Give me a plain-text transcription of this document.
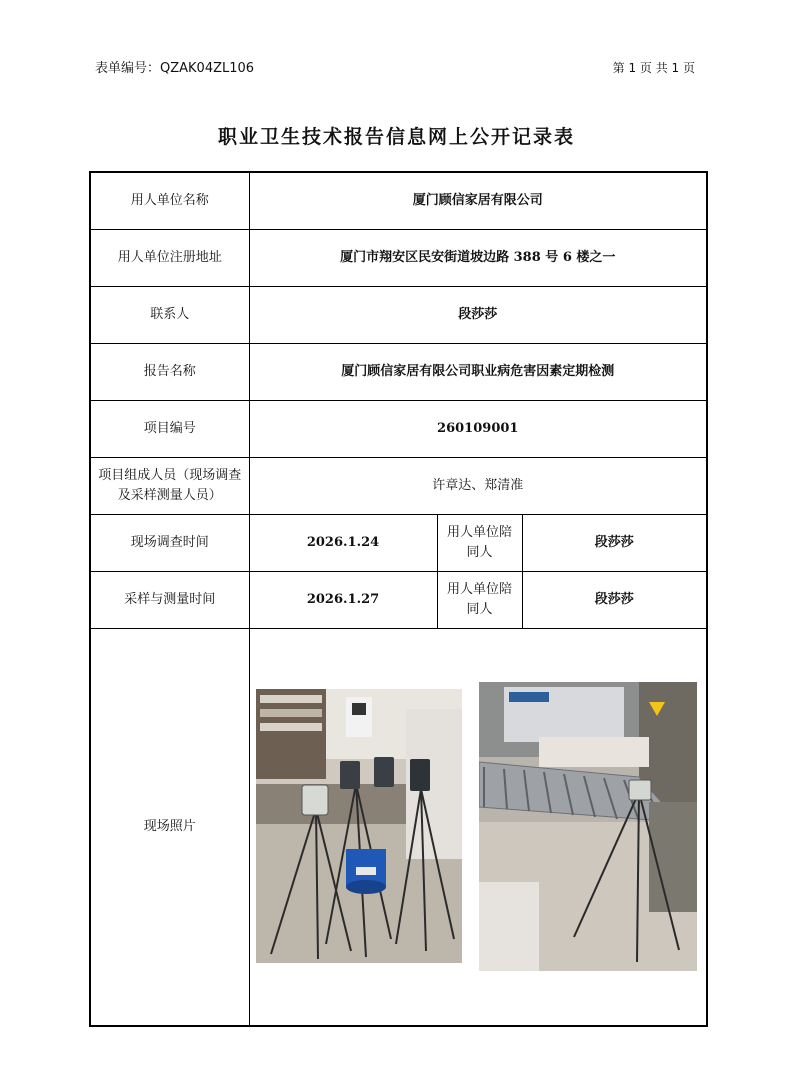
表单编号：QZAK04ZL106	第 1 页 共 1 页
职业卫生技术报告信息网上公开记录表
用人单位名称	厦门顾信家居有限公司		
用人单位注册地址	厦门市翔安区民安街道坡边路 388 号 6 楼之一		
联系人	段莎莎		
报告名称	厦门顾信家居有限公司职业病危害因素定期检测		
项目编号	260109001		
项目组成人员（现场调查及采样测量人员）	许章达、郑清准		
现场调查时间	2026.1.24	用人单位陪同人	段莎莎
采样与测量时间	2026.1.27	用人单位陪同人	段莎莎
现场照片	
